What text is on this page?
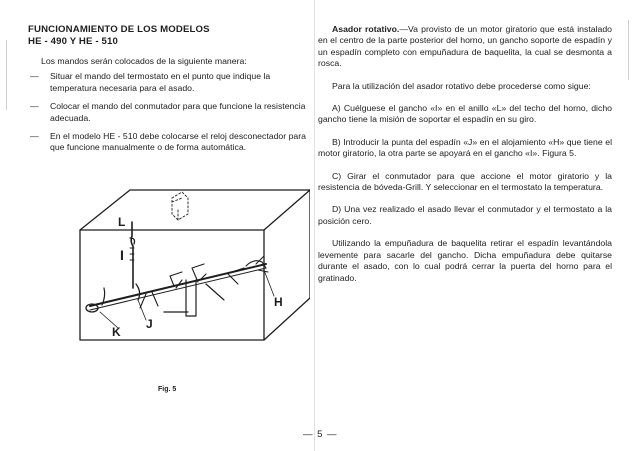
FUNCIONAMIENTO DE LOS MODELOS
HE - 490 Y HE - 510

Los mandos serán colocados de la siguiente manera:

— Situar el mando del termostato en el punto que indique la temperatura necesaria para el asado.
— Colocar el mando del conmutador para que funcione la resistencia adecuada.
— En el modelo HE - 510 debe colocarse el reloj desconectador para que funcione manualmente o de forma automática.
L
I
K
J
H
Fig. 5

Asador rotativo.—Va provisto de un motor giratorio que está instalado en el centro de la parte posterior del horno, un gancho soporte de espadín y un espadín completo con empuñadura de baquelita, la cual se desmonta a rosca.

Para la utilización del asador rotativo debe procederse como sigue:

A) Cuélguese el gancho «I» en el anillo «L» del techo del horno, dicho gancho tiene la misión de soportar el espadín en su giro.

B) Introducir la punta del espadín «J» en el alojamiento «H» que tiene el motor giratorio, la otra parte se apoyará en el gancho «I». Figura 5.

C) Girar el conmutador para que accione el motor giratorio y la resistencia de bóveda-Grill. Y seleccionar en el termostato la temperatura.

D) Una vez realizado el asado llevar el conmutador y el termostato a la posición cero.

Utilizando la empuñadura de baquelita retirar el espadín levantándola levemente para sacarle del gancho. Dicha empuñadura debe quitarse durante el asado, con lo cual podrá cerrar la puerta del horno para el gratinado.

— 5 —
